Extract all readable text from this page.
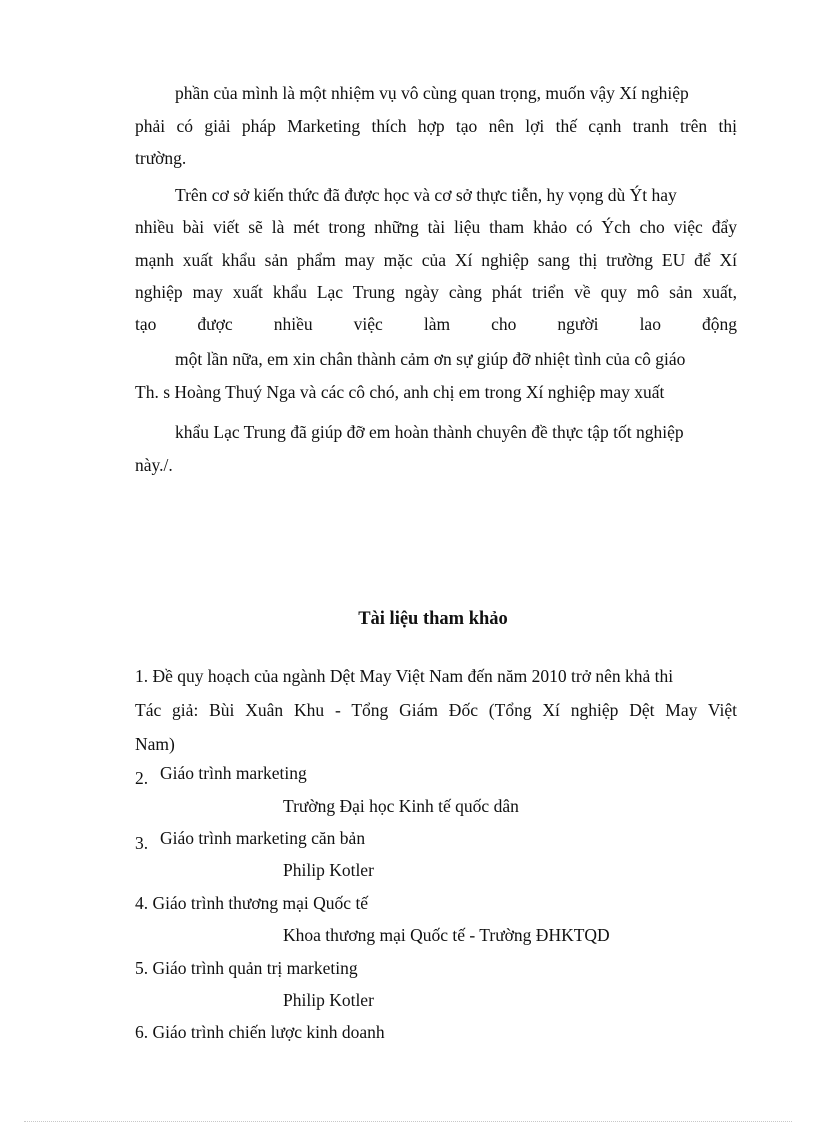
phần của mình là một nhiệm vụ vô cùng quan trọng, muốn vậy Xí nghiệp
phải có giải pháp Marketing thích hợp tạo nên lợi thế cạnh tranh trên thị
trường.
Trên cơ sở kiến thức đã được học và cơ sở thực tiễn, hy vọng dù Ýt hay
nhiều bài viết sẽ là mét trong những tài liệu tham khảo có Ých cho việc đẩy
mạnh xuất khẩu sản phẩm may mặc của Xí nghiệp sang thị trường EU để Xí
nghiệp may xuất khẩu Lạc Trung ngày càng phát triển về quy mô sản xuất,
tạo được nhiều việc làm cho người lao động
một lần nữa, em xin chân thành cảm ơn sự giúp đỡ nhiệt tình của cô giáo
Th. s Hoàng Thuý Nga và các cô chó, anh chị em trong Xí nghiệp may xuất
khẩu Lạc Trung đã giúp đỡ em hoàn thành chuyên đề thực tập tốt nghiệp
này./.
Tài liệu tham khảo
1. Đề quy hoạch của ngành Dệt May Việt Nam đến năm 2010 trở nên khả thi
Tác giả: Bùi Xuân Khu - Tổng Giám Đốc (Tổng Xí nghiệp Dệt May Việt
Nam)
2. Giáo trình marketing
Trường Đại học Kinh tế quốc dân
3. Giáo trình marketing căn bản
Philip Kotler
4. Giáo trình thương mại Quốc tế
Khoa thương mại Quốc tế - Trường ĐHKTQD
5. Giáo trình quản trị marketing
Philip Kotler
6. Giáo trình chiến lược kinh doanh
